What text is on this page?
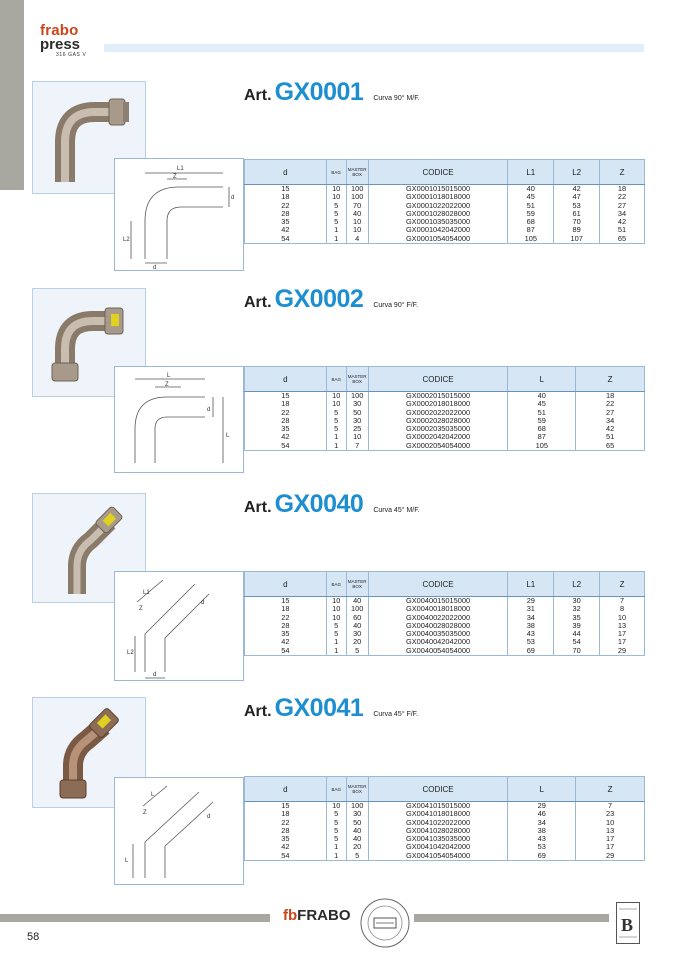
frabo
press
316 GAS V
L1
Z
d
L2
d
Art. GX0001 Curva 90° M/F.
d	BAG	MASTER BOX	CODICE	L1	L2	Z
15	10	100	GX0001015015000	40	42	18
18	10	100	GX0001018018000	45	47	22
22	5	70	GX0001022022000	51	53	27
28	5	40	GX0001028028000	59	61	34
35	5	10	GX0001035035000	68	70	42
42	1	10	GX0001042042000	87	89	51
54	1	4	GX0001054054000	105	107	65
L
Z
d
L
Art. GX0002 Curva 90° F/F.
d	BAG	MASTER BOX	CODICE	L	Z
15	10	100	GX0002015015000	40	18
18	10	30	GX0002018018000	45	22
22	5	50	GX0002022022000	51	27
28	5	30	GX0002028028000	59	34
35	5	25	GX0002035035000	68	42
42	1	10	GX0002042042000	87	51
54	1	7	GX0002054054000	105	65
L1
Z
d
L2
d
Art. GX0040 Curva 45° M/F.
d	BAG	MASTER BOX	CODICE	L1	L2	Z
15	10	40	GX0040015015000	29	30	7
18	10	100	GX0040018018000	31	32	8
22	10	60	GX0040022022000	34	35	10
28	5	40	GX0040028028000	38	39	13
35	5	30	GX0040035035000	43	44	17
42	1	20	GX0040042042000	53	54	17
54	1	5	GX0040054054000	69	70	29
L
Z
d
L
Art. GX0041 Curva 45° F/F.
d	BAG	MASTER BOX	CODICE	L	Z
15	10	100	GX0041015015000	29	7
18	5	30	GX0041018018000	46	23
22	5	50	GX0041022022000	34	10
28	5	40	GX0041028028000	38	13
35	5	40	GX0041035035000	43	17
42	1	20	GX0041042042000	53	17
54	1	5	GX0041054054000	69	29
fbFRABO	B
58
